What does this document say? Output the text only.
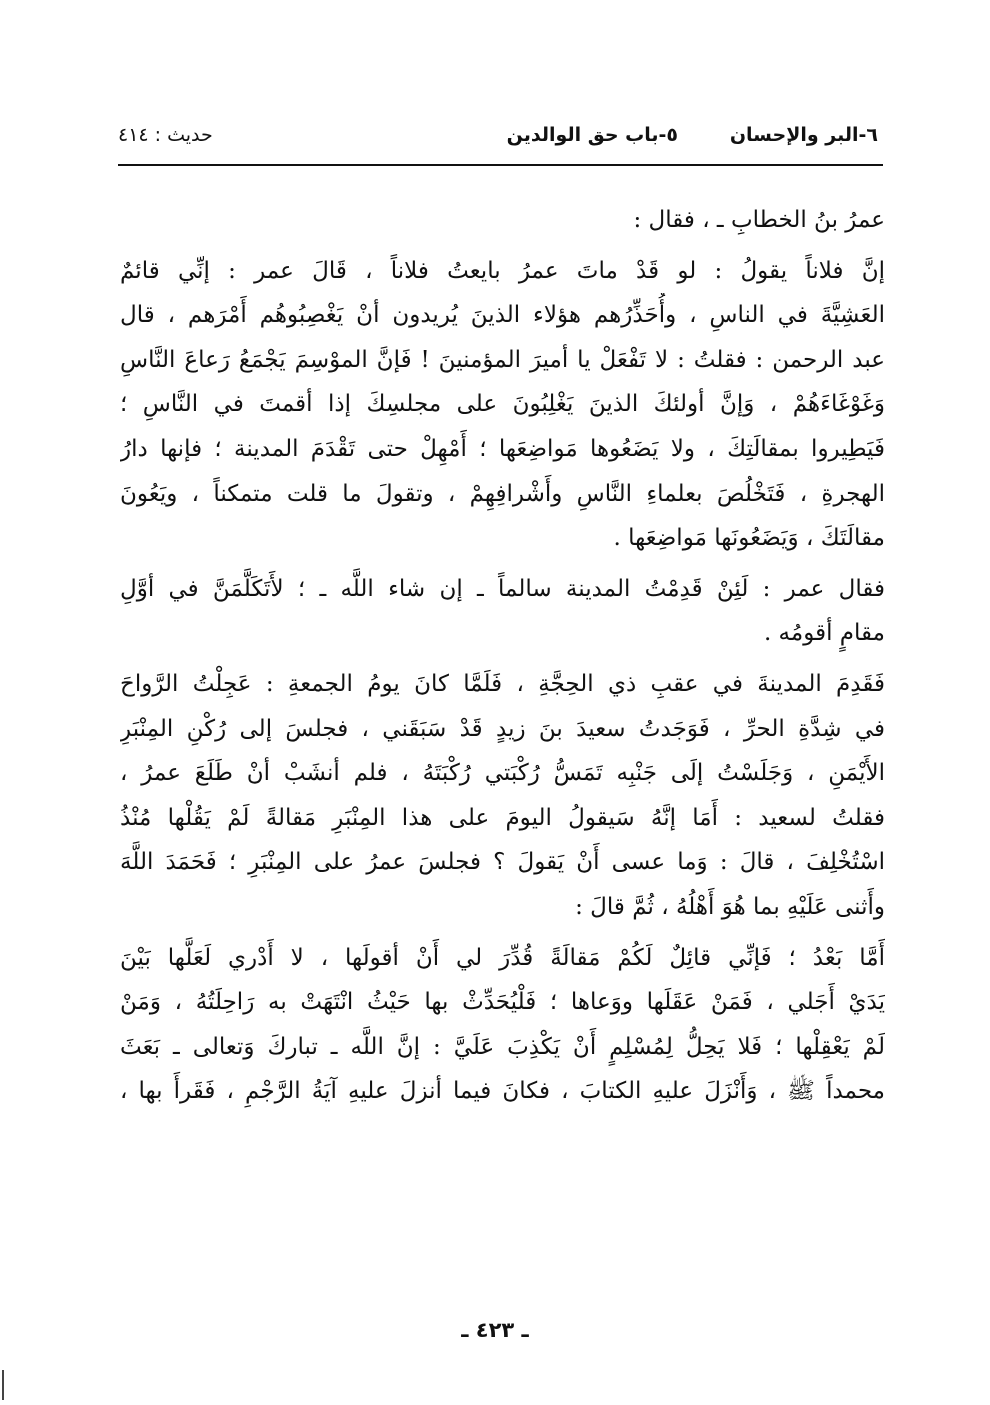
٦-البر والإحسان
٥-باب حق الوالدين
حديث : ٤١٤
عمرُ بنُ الخطابِ ـ ، فقال :
إنَّ فلاناً يقولُ : لو قَدْ ماتَ عمرُ بايعتُ فلاناً ، قَالَ عمر : إنِّي قائمٌ
العَشِيَّةَ في الناسِ ، وأُحَذِّرُهم هؤلاء الذينَ يُريدون أنْ يَغْصِبُوهُم أَمْرَهم ، قال
عبد الرحمن : فقلتُ : لا تَفْعَلْ يا أميرَ المؤمنينَ ! فَإنَّ الموْسِمَ يَجْمَعُ رَعاعَ النَّاسِ
وَغَوْغَاءَهُمْ ، وَإنَّ أولئكَ الذينَ يَغْلِبُونَ على مجلسِكَ إذا أقمتَ في النَّاسِ ؛
فَيَطِيروا بمقالَتِكَ ، ولا يَضَعُوها مَواضِعَها ؛ أَمْهِلْ حتى تَقْدَمَ المدينة ؛ فإنها دارُ
الهجرةِ ، فَتَخْلُصَ بعلماءِ النَّاسِ وأَشْرافِهِمْ ، وتقولَ ما قلت متمكناً ، ويَعُونَ
مقالَتَكَ ، وَيَضَعُونَها مَواضِعَها .
فقال عمر : لَئِنْ قَدِمْتُ المدينة سالماً ـ إن شاء اللَّه ـ ؛ لأَتَكَلَّمَنَّ في أوَّلِ
مقامٍ أقومُه .
فَقَدِمَ المدينةَ في عقبِ ذي الحِجَّةِ ، فَلَمَّا كانَ يومُ الجمعةِ : عَجِلْتُ الرَّواحَ
في شِدَّةِ الحرِّ ، فَوَجَدتُ سعيدَ بنَ زيدٍ قَدْ سَبَقَني ، فجلسَ إلى رُكْنِ المِنْبَرِ
الأَيْمَنِ ، وَجَلَسْتُ إلَى جَنْبِه تَمَسُّ رُكْبَتي رُكْبَتَهُ ، فلم أنشَبْ أنْ طَلَعَ عمرُ ،
فقلتُ لسعيد : أَمَا إنَّهُ سَيقولُ اليومَ على هذا المِنْبَرِ مَقالةً لَمْ يَقُلْها مُنْذُ
اسْتُخْلِفَ ، قالَ : وَما عسى أَنْ يَقولَ ؟ فجلسَ عمرُ على المِنْبَرِ ؛ فَحَمَدَ اللَّهَ
وأَثنى عَلَيْهِ بما هُوَ أَهْلُهُ ، ثُمَّ قالَ :
أَمَّا بَعْدُ ؛ فَإنِّي قائِلٌ لَكُمْ مَقالَةً قُدِّرَ لي أَنْ أقولَها ، لا أَدْري لَعَلَّها بَيْنَ
يَدَيْ أَجَلي ، فَمَنْ عَقَلَها ووَعاها ؛ فَلْيُحَدِّثْ بها حَيْثُ انْتَهَتْ به رَاحِلَتُهُ ، وَمَنْ
لَمْ يَعْقِلْها ؛ فَلا يَحِلُّ لِمُسْلِمٍ أَنْ يَكْذِبَ عَلَيَّ : إنَّ اللَّه ـ تباركَ وَتعالى ـ بَعَثَ
محمداً ﷺ ، وَأَنْزَلَ عليهِ الكتابَ ، فكانَ فيما أنزلَ عليهِ آيَةُ الرَّجْمِ ، فَقَرأَ بها ،
ـ ٤٢٣ ـ
